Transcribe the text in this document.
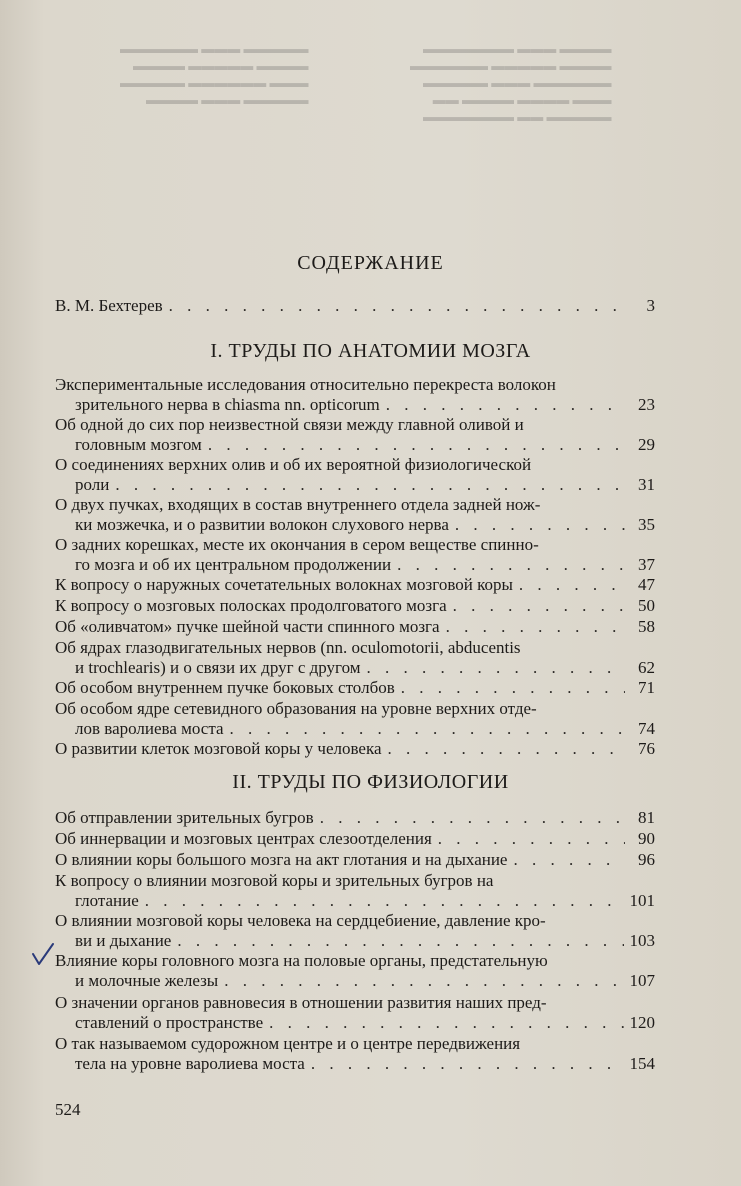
▬▬▬▬ ▬▬▬ ▬▬▬▬▬▬▬
▬▬▬▬ ▬▬▬▬▬ ▬▬▬▬▬▬
▬▬▬▬▬▬ ▬▬▬ ▬▬▬▬▬
▬▬▬ ▬▬▬▬ ▬▬▬▬ ▬▬
▬▬▬▬▬ ▬▬ ▬▬▬▬▬▬▬
▬▬▬▬▬ ▬▬▬ ▬▬▬▬▬▬
▬▬▬▬ ▬▬▬▬▬ ▬▬▬▬
▬▬▬ ▬▬▬▬▬▬ ▬▬▬▬▬
▬▬▬▬▬ ▬▬▬ ▬▬▬▬
СОДЕРЖАНИЕ
В. М. Бехтерев . . .	3
I. ТРУДЫ ПО АНАТОМИИ МОЗГА
Экспериментальные исследования относительно перекреста волокон
зрительного нерва в chiasma nn. opticorum . . .	23
Об одной до сих пор неизвестной связи между главной оливой и
головным мозгом . . .	29
О соединениях верхних олив и об их вероятной физиологической
роли . . .	31
О двух пучках, входящих в состав внутреннего отдела задней нож-
ки мозжечка, и о развитии волокон слухового нерва . . .	35
О задних корешках, месте их окончания в сером веществе спинно-
го мозга и об их центральном продолжении . . .	37
К вопросу о наружных сочетательных волокнах мозговой коры . . .	47
К вопросу о мозговых полосках продолговатого мозга . . .	50
Об «оливчатом» пучке шейной части спинного мозга . . .	58
Об ядрах глазодвигательных нервов (nn. oculomotorii, abducentis
и trochlearis) и о связи их друг с другом . . .	62
Об особом внутреннем пучке боковых столбов . . .	71
Об особом ядре сетевидного образования на уровне верхних отде-
лов варолиева моста . . .	74
О развитии клеток мозговой коры у человека . . .	76
II. ТРУДЫ ПО ФИЗИОЛОГИИ
Об отправлении зрительных бугров . . .	81
Об иннервации и мозговых центрах слезоотделения . . .	90
О влиянии коры большого мозга на акт глотания и на дыхание . . .	96
К вопросу о влиянии мозговой коры и зрительных бугров на
глотание . . .	101
О влиянии мозговой коры человека на сердцебиение, давление кро-
ви и дыхание . . .	103
Влияние коры головного мозга на половые органы, предстательную
и молочные железы . . .	107
О значении органов равновесия в отношении развития наших пред-
ставлений о пространстве . . .	120
О так называемом судорожном центре и о центре передвижения
тела на уровне варолиева моста . . .	154
524
